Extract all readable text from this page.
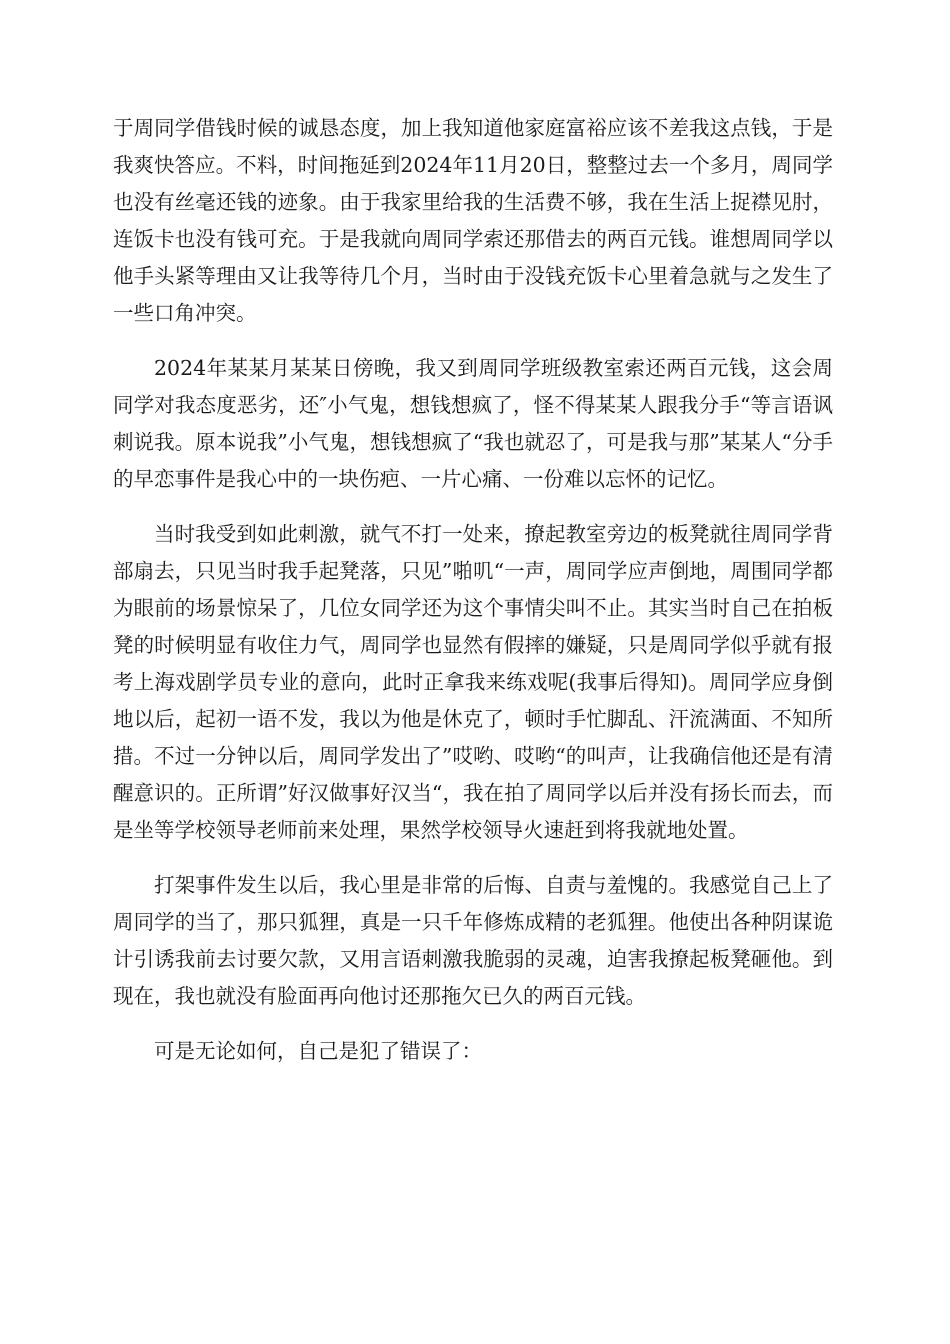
于周同学借钱时候的诚恳态度，加上我知道他家庭富裕应该不差我这点钱，于是我爽快答应。不料，时间拖延到2024年11月20日，整整过去一个多月，周同学也没有丝毫还钱的迹象。由于我家里给我的生活费不够，我在生活上捉襟见肘，连饭卡也没有钱可充。于是我就向周同学索还那借去的两百元钱。谁想周同学以他手头紧等理由又让我等待几个月，当时由于没钱充饭卡心里着急就与之发生了一些口角冲突。

2024年某某月某某日傍晚，我又到周同学班级教室索还两百元钱，这会周同学对我态度恶劣，还″小气鬼，想钱想疯了，怪不得某某人跟我分手“等言语讽刺说我。原本说我”小气鬼，想钱想疯了“我也就忍了，可是我与那”某某人“分手的早恋事件是我心中的一块伤疤、一片心痛、一份难以忘怀的记忆。

当时我受到如此刺激，就气不打一处来，撩起教室旁边的板凳就往周同学背部扇去，只见当时我手起凳落，只见”啪叽“一声，周同学应声倒地，周围同学都为眼前的场景惊呆了，几位女同学还为这个事情尖叫不止。其实当时自己在拍板凳的时候明显有收住力气，周同学也显然有假摔的嫌疑，只是周同学似乎就有报考上海戏剧学员专业的意向，此时正拿我来练戏呢(我事后得知)。周同学应身倒地以后，起初一语不发，我以为他是休克了，顿时手忙脚乱、汗流满面、不知所措。不过一分钟以后，周同学发出了”哎哟、哎哟“的叫声，让我确信他还是有清醒意识的。正所谓”好汉做事好汉当“，我在拍了周同学以后并没有扬长而去，而是坐等学校领导老师前来处理，果然学校领导火速赶到将我就地处置。

打架事件发生以后，我心里是非常的后悔、自责与羞愧的。我感觉自己上了周同学的当了，那只狐狸，真是一只千年修炼成精的老狐狸。他使出各种阴谋诡计引诱我前去讨要欠款，又用言语刺激我脆弱的灵魂，迫害我撩起板凳砸他。到现在，我也就没有脸面再向他讨还那拖欠已久的两百元钱。

可是无论如何，自己是犯了错误了：
